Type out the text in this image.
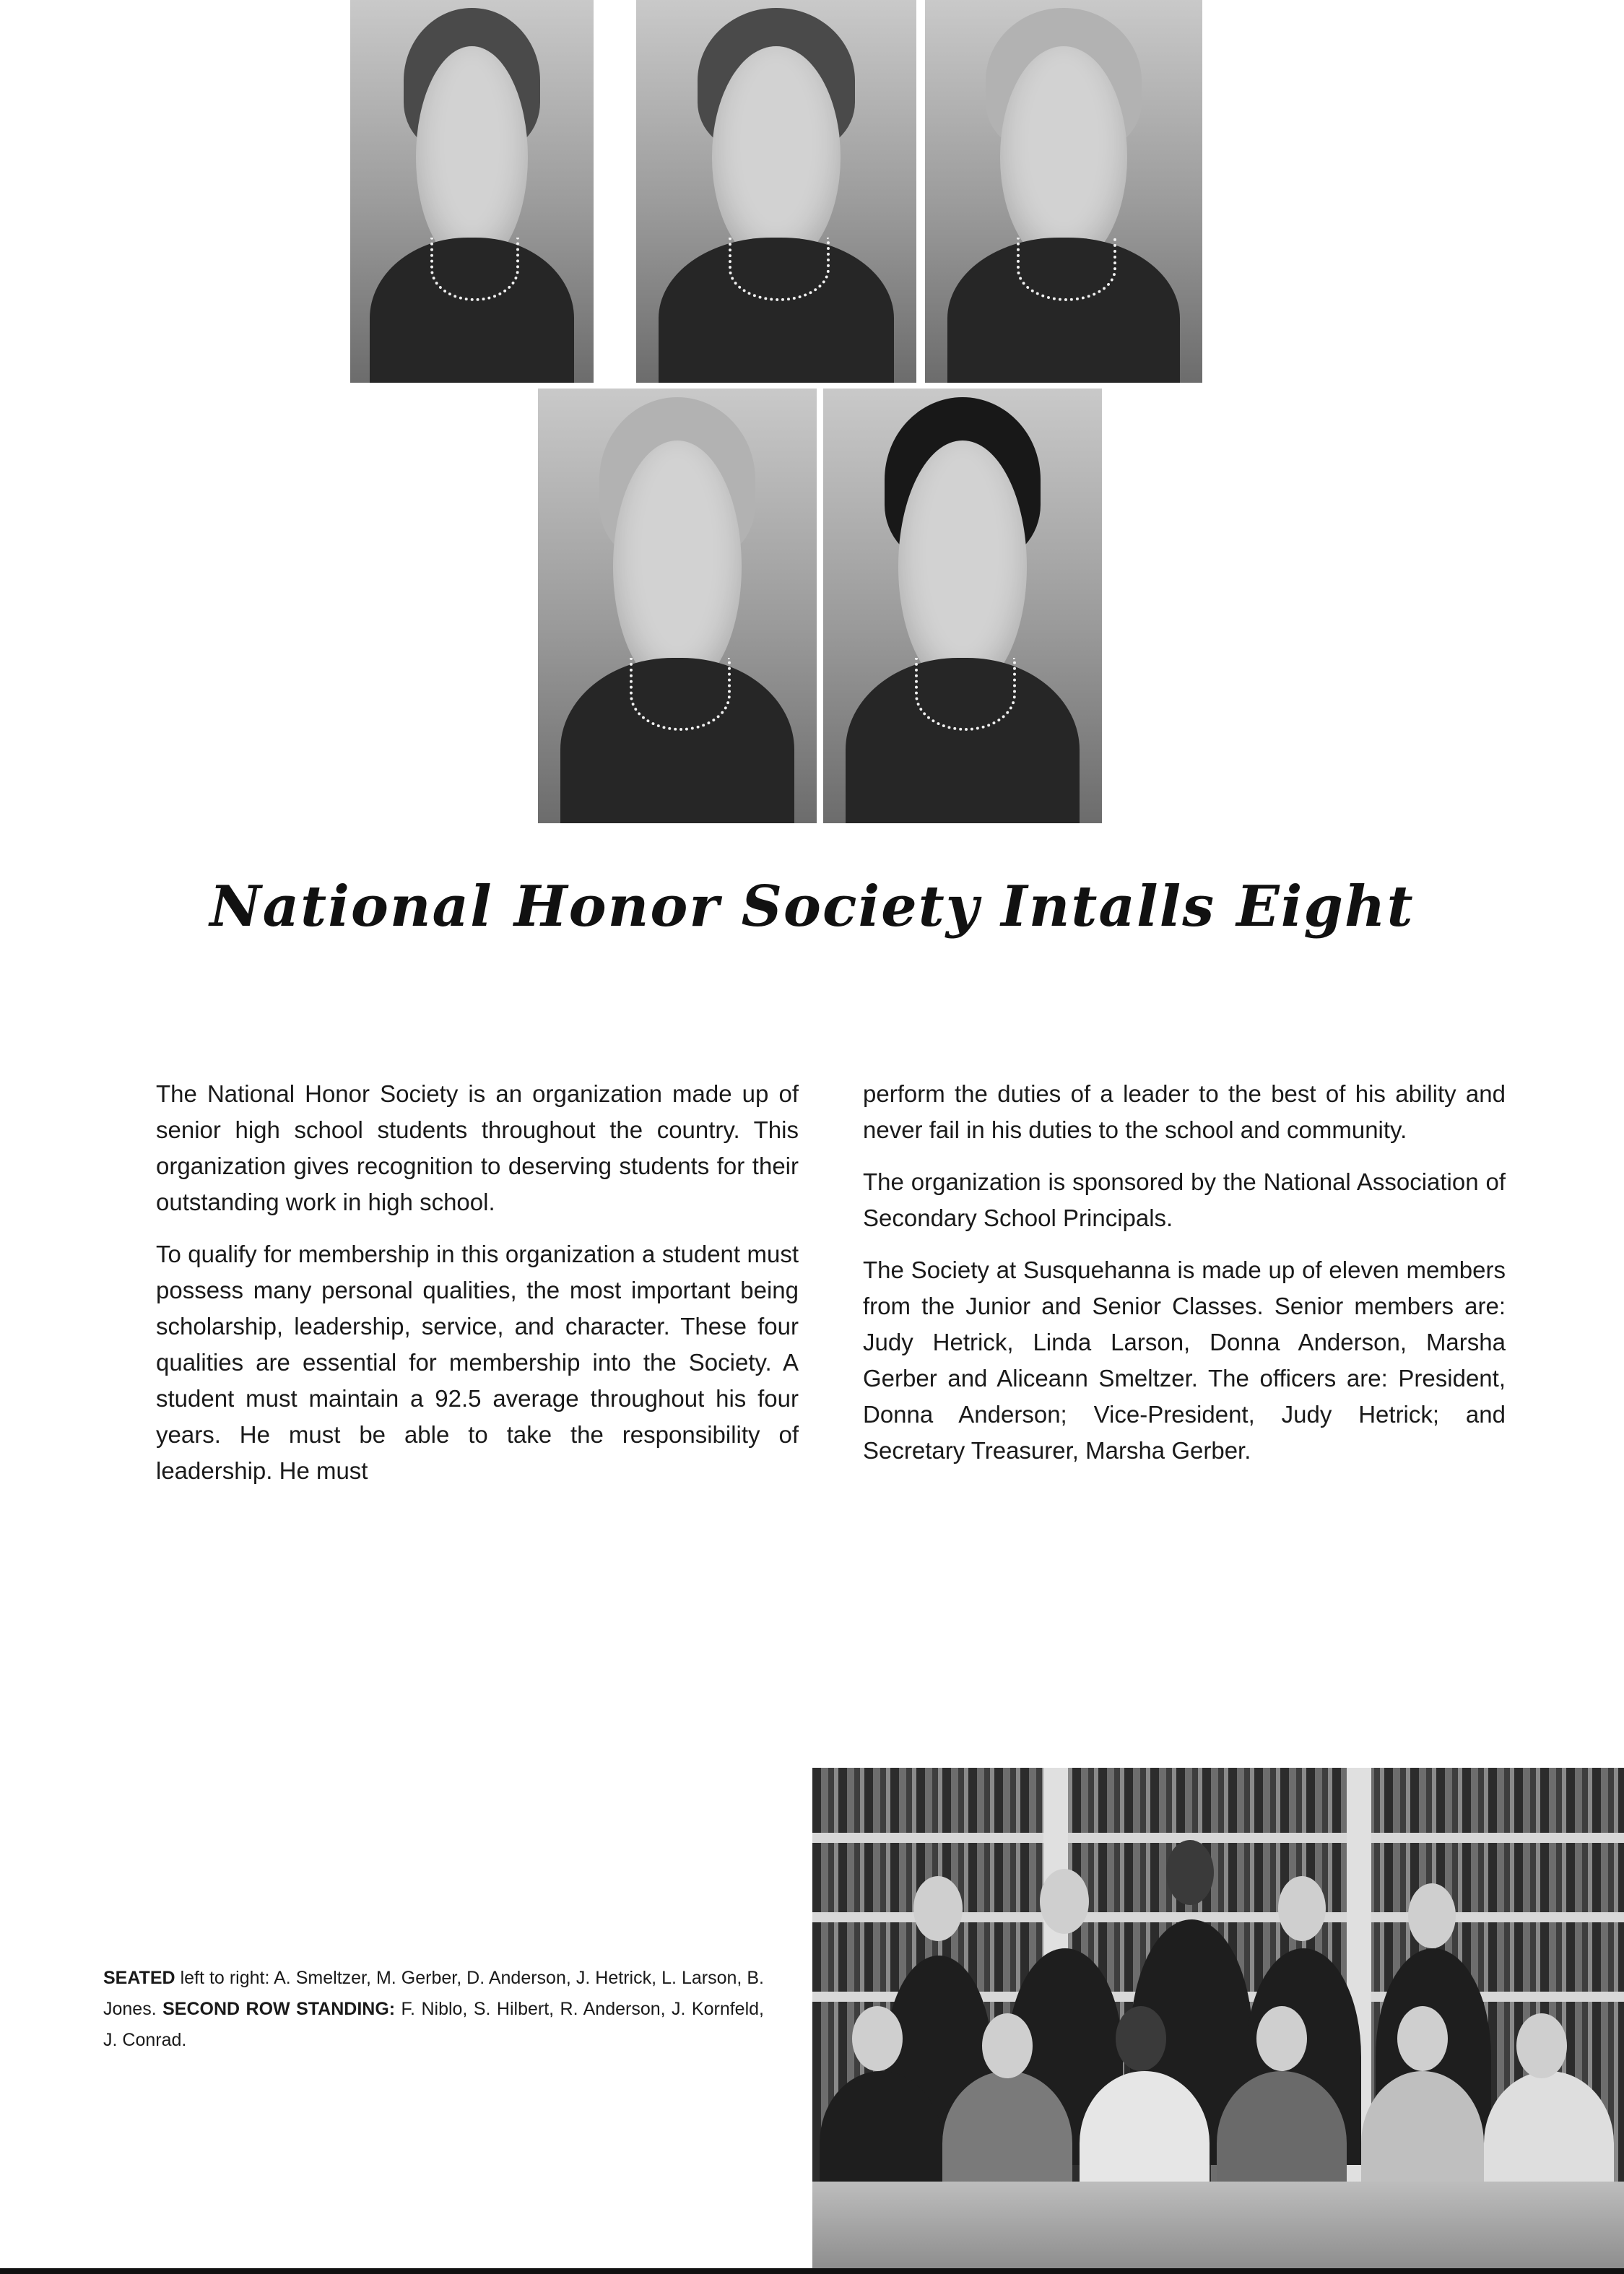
National Honor Society Intalls Eight

The National Honor Society is an organization made up of senior high school students throughout the country. This organization gives recognition to deserving students for their outstanding work in high school.

To qualify for membership in this organization a student must possess many personal qualities, the most important being scholarship, leadership, service, and character. These four qualities are essential for membership into the Society. A student must maintain a 92.5 average throughout his four years. He must be able to take the responsibility of leadership. He must

perform the duties of a leader to the best of his ability and never fail in his duties to the school and community.

The organization is sponsored by the National Association of Secondary School Principals.

The Society at Susquehanna is made up of eleven members from the Junior and Senior Classes. Senior members are: Judy Hetrick, Linda Larson, Donna Anderson, Marsha Gerber and Aliceann Smeltzer. The officers are: President, Donna Anderson; Vice-President, Judy Hetrick; and Secretary Treasurer, Marsha Gerber.

SEATED left to right: A. Smeltzer, M. Gerber, D. Anderson, J. Hetrick, L. Larson, B. Jones. SECOND ROW STANDING: F. Niblo, S. Hilbert, R. Anderson, J. Kornfeld, J. Conrad.
